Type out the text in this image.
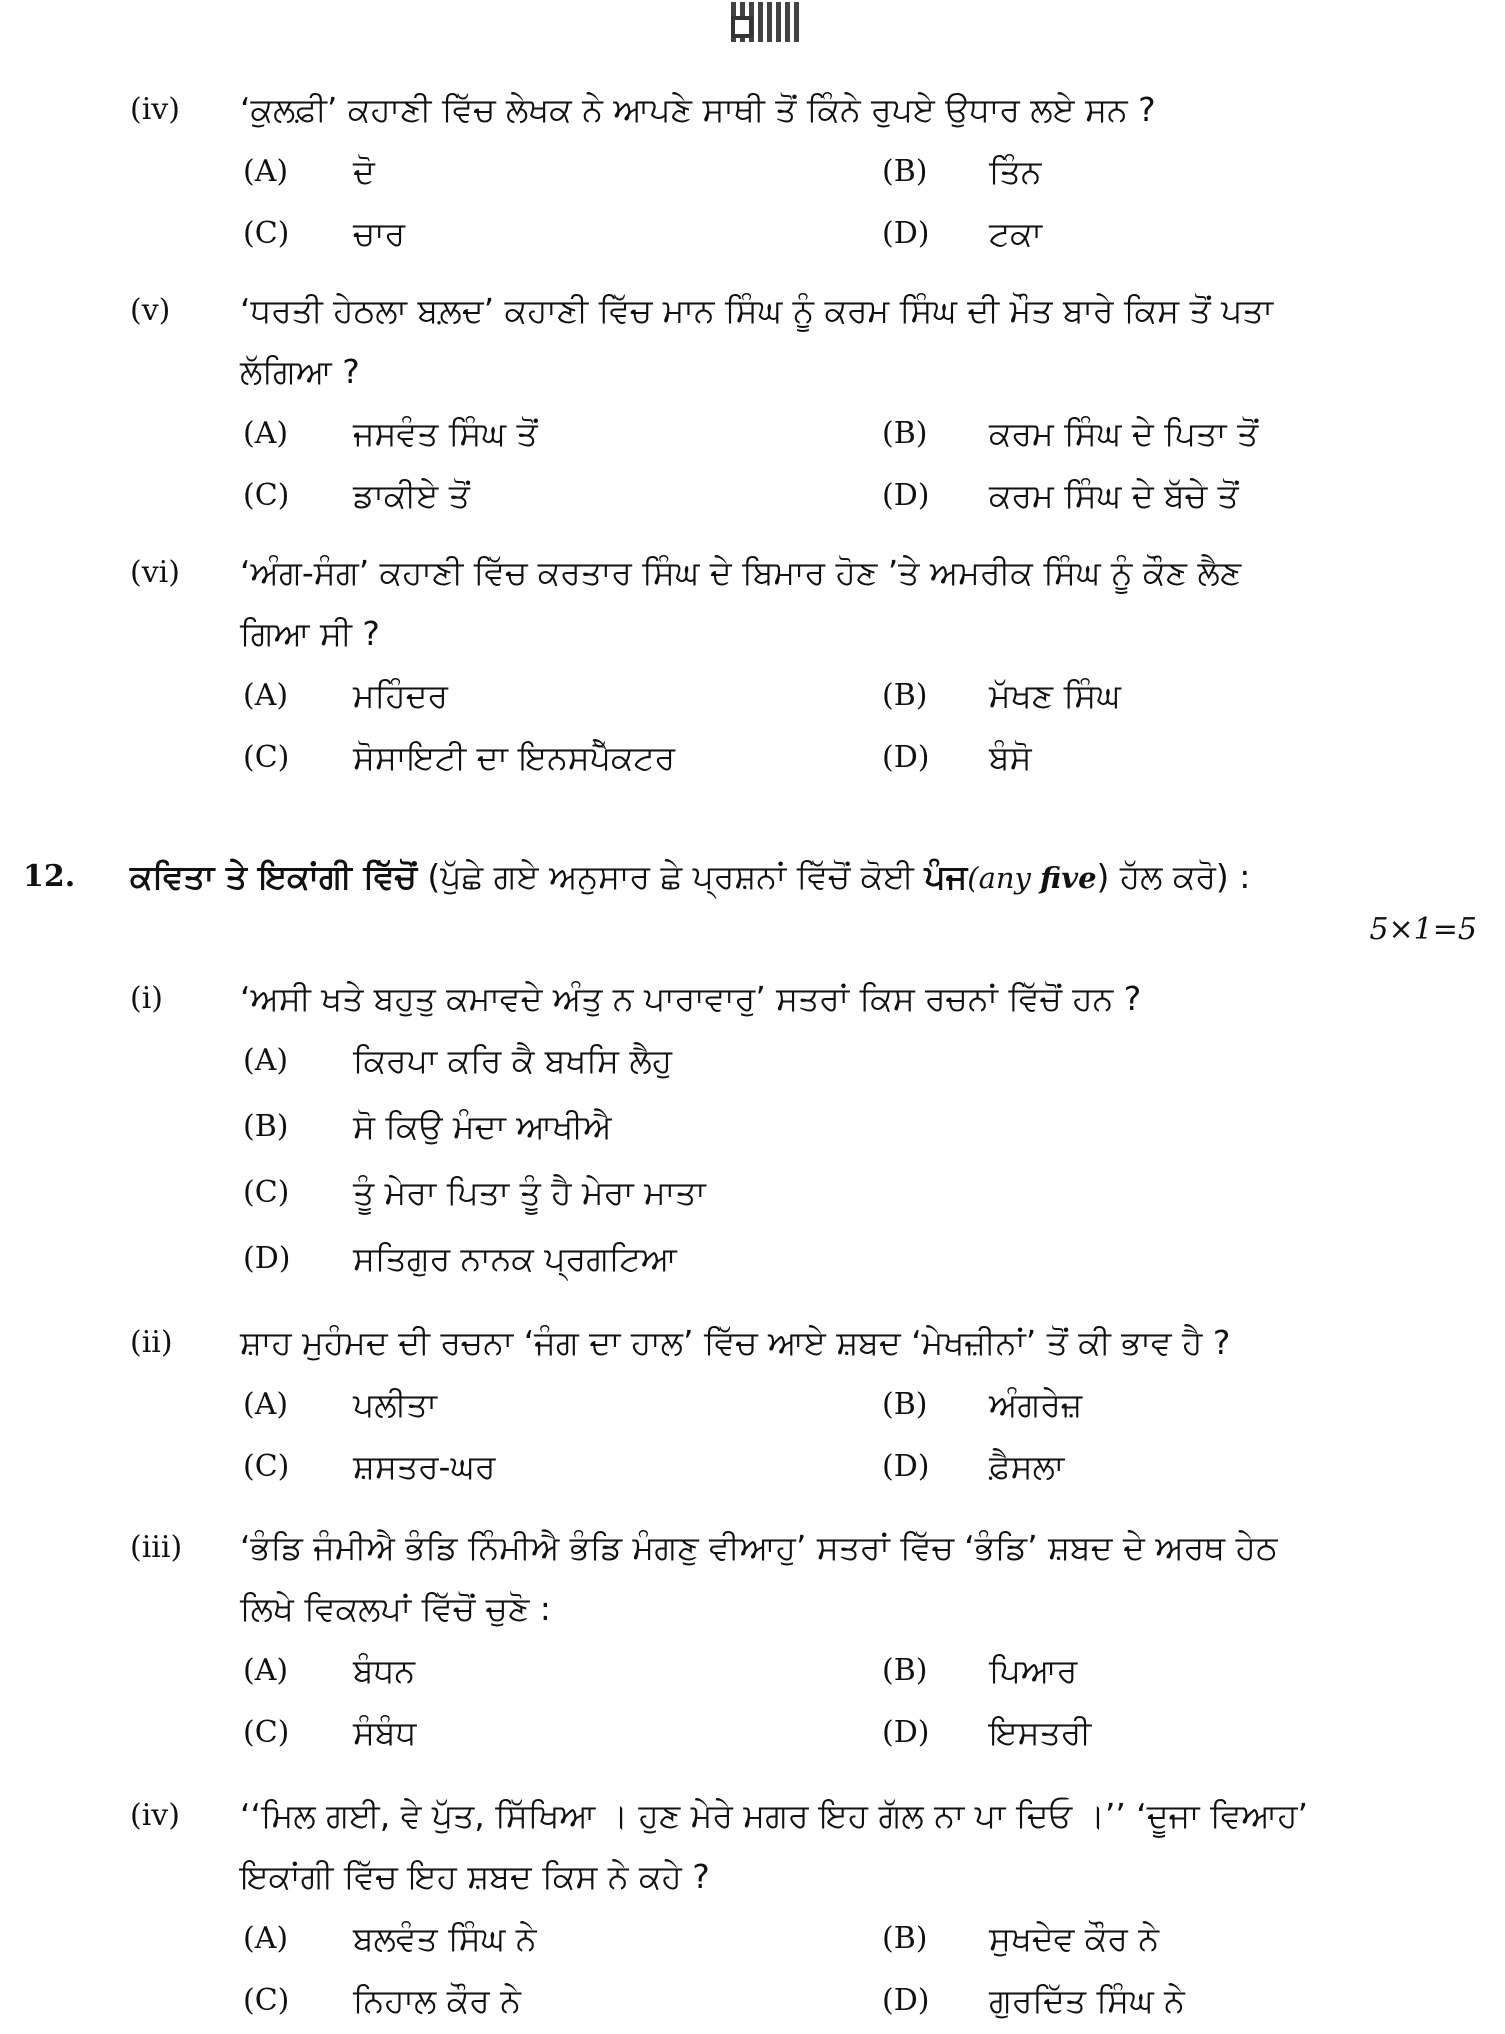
(iv) ‘ਕੁਲਫ਼ੀ’ ਕਹਾਣੀ ਵਿੱਚ ਲੇਖਕ ਨੇ ਆਪਣੇ ਸਾਥੀ ਤੋਂ ਕਿੰਨੇ ਰੁਪਏ ਉਧਾਰ ਲਏ ਸਨ ?
(A) ਦੋ	(B) ਤਿੰਨ
(C) ਚਾਰ	(D) ਟਕਾ
(v) ‘ਧਰਤੀ ਹੇਠਲਾ ਬਲ਼ਦ’ ਕਹਾਣੀ ਵਿੱਚ ਮਾਨ ਸਿੰਘ ਨੂੰ ਕਰਮ ਸਿੰਘ ਦੀ ਮੌਤ ਬਾਰੇ ਕਿਸ ਤੋਂ ਪਤਾ
ਲੱਗਿਆ ?
(A) ਜਸਵੰਤ ਸਿੰਘ ਤੋਂ	(B) ਕਰਮ ਸਿੰਘ ਦੇ ਪਿਤਾ ਤੋਂ
(C) ਡਾਕੀਏ ਤੋਂ	(D) ਕਰਮ ਸਿੰਘ ਦੇ ਬੱਚੇ ਤੋਂ
(vi) ‘ਅੰਗ-ਸੰਗ’ ਕਹਾਣੀ ਵਿੱਚ ਕਰਤਾਰ ਸਿੰਘ ਦੇ ਬਿਮਾਰ ਹੋਣ ’ਤੇ ਅਮਰੀਕ ਸਿੰਘ ਨੂੰ ਕੌਣ ਲੈਣ
ਗਿਆ ਸੀ ?
(A) ਮਹਿੰਦਰ	(B) ਮੱਖਣ ਸਿੰਘ
(C) ਸੋਸਾਇਟੀ ਦਾ ਇਨਸਪੈੱਕਟਰ	(D) ਬੰਸੋ
12. ਕਵਿਤਾ ਤੇ ਇਕਾਂਗੀ ਵਿੱਚੋਂ (ਪੁੱਛੇ ਗਏ ਅਨੁਸਾਰ ਛੇ ਪ੍ਰਸ਼ਨਾਂ ਵਿੱਚੋਂ ਕੋਈ ਪੰਜ(any five) ਹੱਲ ਕਰੋ) :
5×1=5
(i) ‘ਅਸੀ ਖਤੇ ਬਹੁਤੁ ਕਮਾਵਦੇ ਅੰਤੁ ਨ ਪਾਰਾਵਾਰੁ’ ਸਤਰਾਂ ਕਿਸ ਰਚਨਾਂ ਵਿੱਚੋਂ ਹਨ ?
(A) ਕਿਰਪਾ ਕਰਿ ਕੈ ਬਖਸਿ ਲੈਹੁ
(B) ਸੋ ਕਿਉ ਮੰਦਾ ਆਖੀਐ
(C) ਤੂੰ ਮੇਰਾ ਪਿਤਾ ਤੂੰ ਹੈ ਮੇਰਾ ਮਾਤਾ
(D) ਸਤਿਗੁਰ ਨਾਨਕ ਪ੍ਰਗਟਿਆ
(ii) ਸ਼ਾਹ ਮੁਹੰਮਦ ਦੀ ਰਚਨਾ ‘ਜੰਗ ਦਾ ਹਾਲ’ ਵਿੱਚ ਆਏ ਸ਼ਬਦ ‘ਮੇਖਜ਼ੀਨਾਂ’ ਤੋਂ ਕੀ ਭਾਵ ਹੈ ?
(A) ਪਲੀਤਾ	(B) ਅੰਗਰੇਜ਼
(C) ਸ਼ਸਤਰ-ਘਰ	(D) ਫ਼ੈਸਲਾ
(iii) ‘ਭੰਡਿ ਜੰਮੀਐ ਭੰਡਿ ਨਿੰਮੀਐ ਭੰਡਿ ਮੰਗਣੁ ਵੀਆਹੁ’ ਸਤਰਾਂ ਵਿੱਚ ‘ਭੰਡਿ’ ਸ਼ਬਦ ਦੇ ਅਰਥ ਹੇਠ
ਲਿਖੇ ਵਿਕਲਪਾਂ ਵਿੱਚੋਂ ਚੁਣੋ :
(A) ਬੰਧਨ	(B) ਪਿਆਰ
(C) ਸੰਬੰਧ	(D) ਇਸਤਰੀ
(iv) ‘‘ਮਿਲ ਗਈ, ਵੇ ਪੁੱਤ, ਸਿੱਖਿਆ । ਹੁਣ ਮੇਰੇ ਮਗਰ ਇਹ ਗੱਲ ਨਾ ਪਾ ਦਿਓ ।’’ ‘ਦੂਜਾ ਵਿਆਹ’
ਇਕਾਂਗੀ ਵਿੱਚ ਇਹ ਸ਼ਬਦ ਕਿਸ ਨੇ ਕਹੇ ?
(A) ਬਲਵੰਤ ਸਿੰਘ ਨੇ	(B) ਸੁਖਦੇਵ ਕੌਰ ਨੇ
(C) ਨਿਹਾਲ ਕੌਰ ਨੇ	(D) ਗੁਰਦਿੱਤ ਸਿੰਘ ਨੇ
